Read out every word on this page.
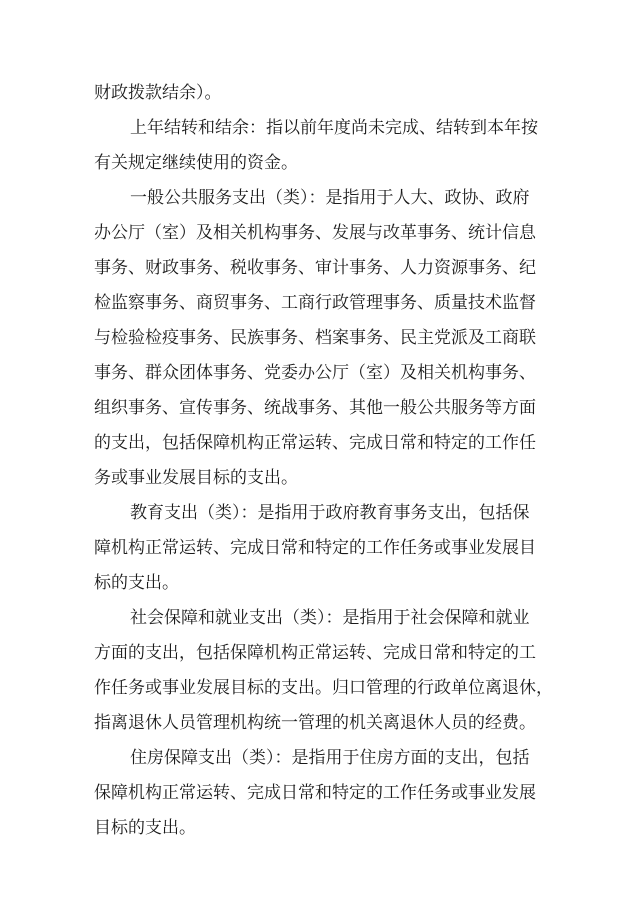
财政拨款结余）。
上年结转和结余：指以前年度尚未完成、结转到本年按
有关规定继续使用的资金。
一般公共服务支出（类）：是指用于人大、政协、政府
办公厅（室）及相关机构事务、发展与改革事务、统计信息
事务、财政事务、税收事务、审计事务、人力资源事务、纪
检监察事务、商贸事务、工商行政管理事务、质量技术监督
与检验检疫事务、民族事务、档案事务、民主党派及工商联
事务、群众团体事务、党委办公厅（室）及相关机构事务、
组织事务、宣传事务、统战事务、其他一般公共服务等方面
的支出，包括保障机构正常运转、完成日常和特定的工作任
务或事业发展目标的支出。
教育支出（类）：是指用于政府教育事务支出，包括保
障机构正常运转、完成日常和特定的工作任务或事业发展目
标的支出。
社会保障和就业支出（类）：是指用于社会保障和就业
方面的支出，包括保障机构正常运转、完成日常和特定的工
作任务或事业发展目标的支出。归口管理的行政单位离退休，
指离退休人员管理机构统一管理的机关离退休人员的经费。
住房保障支出（类）：是指用于住房方面的支出，包括
保障机构正常运转、完成日常和特定的工作任务或事业发展
目标的支出。
